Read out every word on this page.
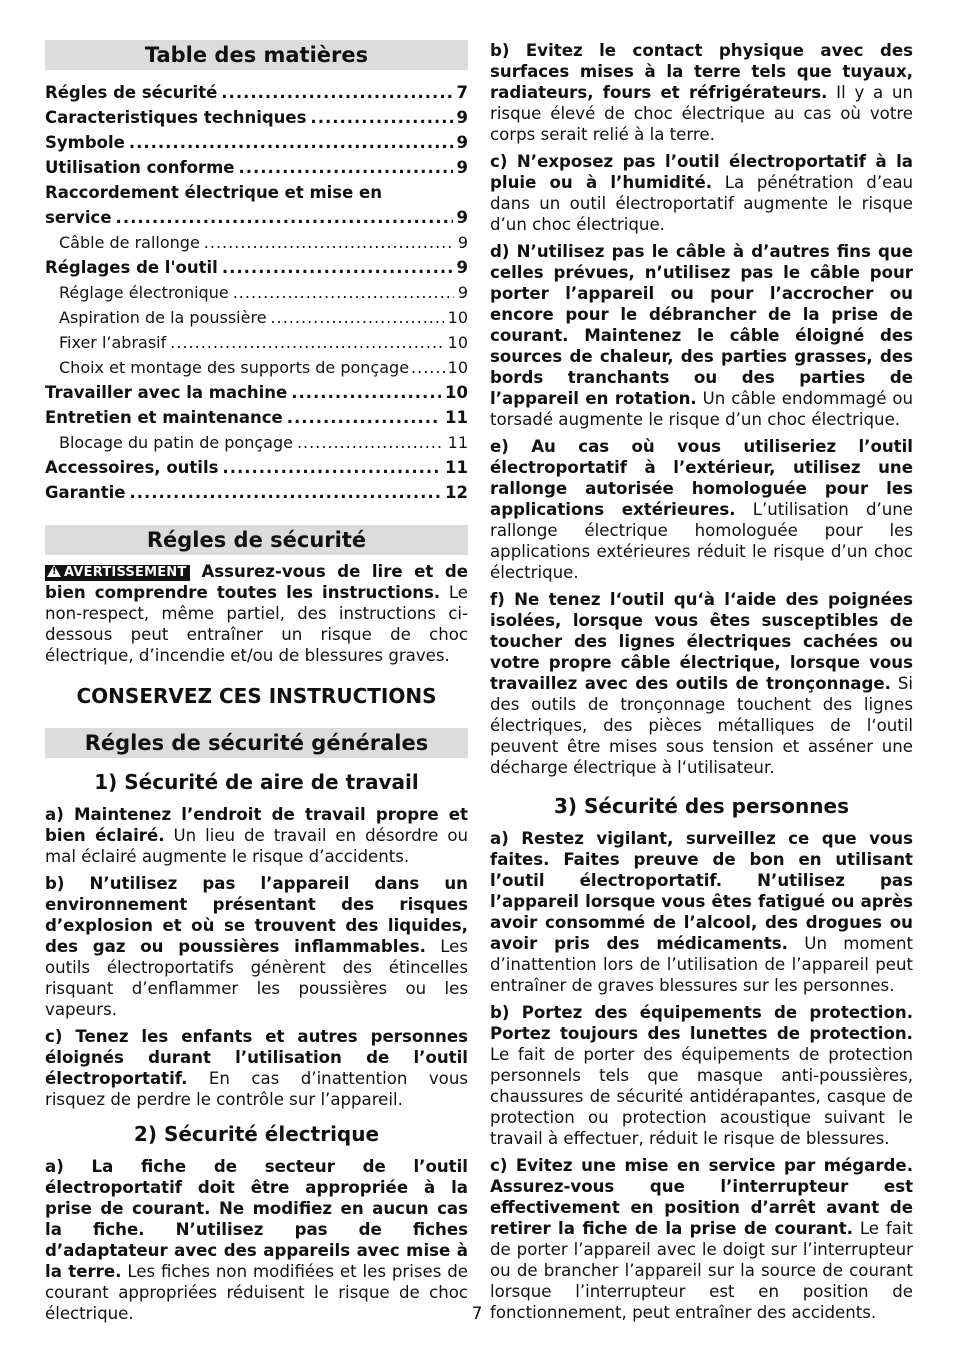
Table des matières
Régles de sécurité .....	7
Caracteristiques techniques .....	9
Symbole .....	9
Utilisation conforme .....	9
Raccordement électrique et mise en
service .....	9
Câble de rallonge .....	9
Réglages de l'outil .....	9
Réglage électronique .....	9
Aspiration de la poussière .....	10
Fixer l’abrasif .....	10
Choix et montage des supports de ponçage ..... 10
Travailler avec la machine .....	10
Entretien et maintenance .....	11
Blocage du patin de ponçage .....	11
Accessoires, outils .....	11
Garantie .....	12
Régles de sécurité

! AVERTISSEMENT Assurez-vous de lire et de bien comprendre toutes les instructions. Le non-respect, même partiel, des instructions ci-dessous peut entraîner un risque de choc électrique, d’incendie et/ou de blessures graves.

CONSERVEZ CES INSTRUCTIONS
Régles de sécurité générales
1) Sécurité de aire de travail

a) Maintenez l’endroit de travail propre et bien éclairé. Un lieu de travail en désordre ou mal éclairé augmente le risque d’accidents.

b) N’utilisez pas l’appareil dans un environnement présentant des risques d’explosion et où se trouvent des liquides, des gaz ou poussières inflammables. Les outils électroportatifs génèrent des étincelles risquant d’enflammer les poussières ou les vapeurs.

c) Tenez les enfants et autres personnes éloignés durant l’utilisation de l’outil électroportatif. En cas d’inattention vous risquez de perdre le contrôle sur l’appareil.

2) Sécurité électrique

a) La fiche de secteur de l’outil électroportatif doit être appropriée à la prise de courant. Ne modifiez en aucun cas la fiche. N’utilisez pas de fiches d’adaptateur avec des appareils avec mise à la terre. Les fiches non modifiées et les prises de courant appropriées réduisent le risque de choc électrique.

b) Evitez le contact physique avec des surfaces mises à la terre tels que tuyaux, radiateurs, fours et réfrigérateurs. Il y a un risque élevé de choc électrique au cas où votre corps serait relié à la terre.

c) N’exposez pas l’outil électroportatif à la pluie ou à l’humidité. La pénétration d’eau dans un outil électroportatif augmente le risque d’un choc électrique.

d) N’utilisez pas le câble à d’autres fins que celles prévues, n’utilisez pas le câble pour porter l’appareil ou pour l’accrocher ou encore pour le débrancher de la prise de courant. Maintenez le câble éloigné des sources de chaleur, des parties grasses, des bords tranchants ou des parties de l’appareil en rotation. Un câble endommagé ou torsadé augmente le risque d’un choc électrique.

e) Au cas où vous utiliseriez l’outil électroportatif à l’extérieur, utilisez une rallonge autorisée homologuée pour les applications extérieures. L’utilisation d’une rallonge électrique homologuée pour les applications extérieures réduit le risque d’un choc électrique.

f) Ne tenez l‘outil qu‘à l‘aide des poignées isolées, lorsque vous êtes susceptibles de toucher des lignes électriques cachées ou votre propre câble électrique, lorsque vous travaillez avec des outils de tronçonnage. Si des outils de tronçonnage touchent des lignes électriques, des pièces métalliques de l‘outil peuvent être mises sous tension et asséner une décharge électrique à l‘utilisateur.

3) Sécurité des personnes

a) Restez vigilant, surveillez ce que vous faites. Faites preuve de bon en utilisant l’outil électroportatif. N’utilisez pas l’appareil lorsque vous êtes fatigué ou après avoir consommé de l’alcool, des drogues ou avoir pris des médicaments. Un moment d’inattention lors de l’utilisation de l’appareil peut entraîner de graves blessures sur les personnes.

b) Portez des équipements de protection. Portez toujours des lunettes de protection. Le fait de porter des équipements de protection personnels tels que masque anti-poussières, chaussures de sécurité antidérapantes, casque de protection ou protection acoustique suivant le travail à effectuer, réduit le risque de blessures.

c) Evitez une mise en service par mégarde. Assurez-vous que l’interrupteur est effectivement en position d’arrêt avant de retirer la fiche de la prise de courant. Le fait de porter l’appareil avec le doigt sur l’interrupteur ou de brancher l’appareil sur la source de courant lorsque l’interrupteur est en position de fonctionnement, peut entraîner des accidents.

7
